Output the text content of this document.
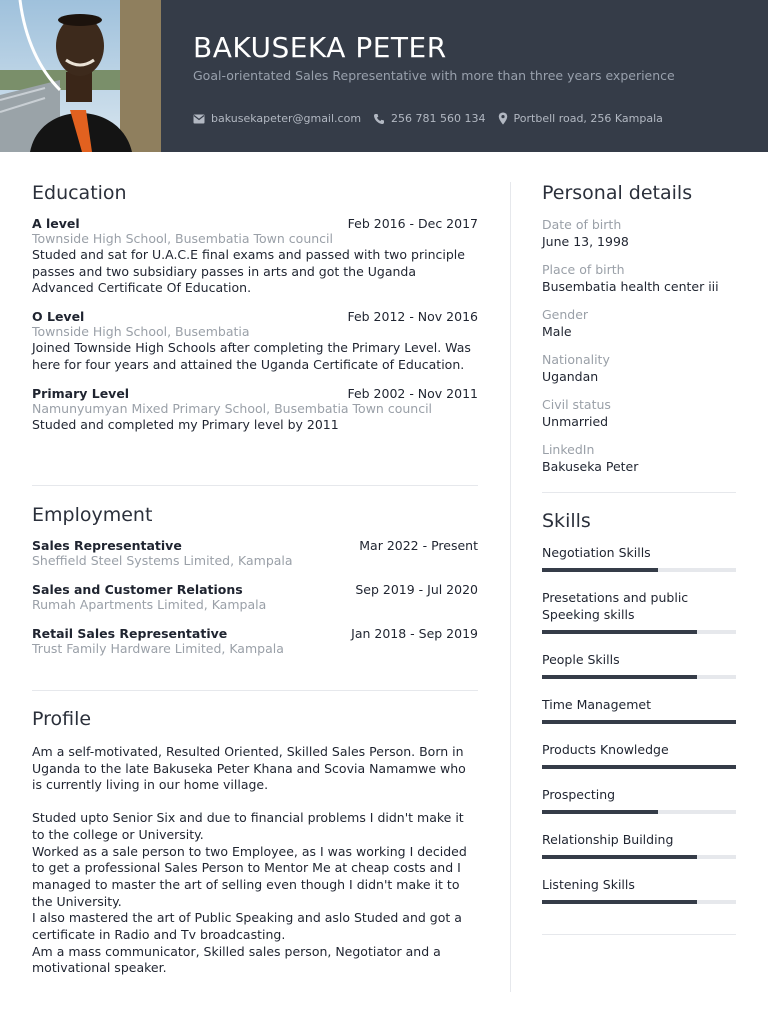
BAKUSEKA PETER
Goal-orientated Sales Representative with more than three years experience
bakusekapeter@gmail.com	256 781 560 134	Portbell road, 256 Kampala
Education
A level	Feb 2016 - Dec 2017
Townside High School, Busembatia Town council
Studed and sat for U.A.C.E final exams and passed with two principle passes and two subsidiary passes in arts and got the Uganda Advanced Certificate Of Education.
O Level	Feb 2012 - Nov 2016
Townside High School, Busembatia
Joined Townside High Schools after completing the Primary Level. Was here for four years and attained the Uganda Certificate of Education.
Primary Level	Feb 2002 - Nov 2011
Namunyumyan Mixed Primary School, Busembatia Town council
Studed and completed my Primary level by 2011
Employment
Sales Representative	Mar 2022 - Present
Sheffield Steel Systems Limited, Kampala
Sales and Customer Relations	Sep 2019 - Jul 2020
Rumah Apartments Limited, Kampala
Retail Sales Representative	Jan 2018 - Sep 2019
Trust Family Hardware Limited, Kampala
Profile
Am a self-motivated, Resulted Oriented, Skilled Sales Person. Born in Uganda to the late Bakuseka Peter Khana and Scovia Namamwe who is currently living in our home village.
Studed upto Senior Six and due to financial problems I didn't make it to the college or University.
Worked as a sale person to two Employee, as I was working I decided to get a professional Sales Person to Mentor Me at cheap costs and I managed to master the art of selling even though I didn't make it to the University.
I also mastered the art of Public Speaking and aslo Studed and got a certificate in Radio and Tv broadcasting.
Am a mass communicator, Skilled sales person, Negotiator and a motivational speaker.
Personal details
Date of birth
June 13, 1998
Place of birth
Busembatia health center iii
Gender
Male
Nationality
Ugandan
Civil status
Unmarried
LinkedIn
Bakuseka Peter
Skills
Negotiation Skills
Presetations and public Speeking skills
People Skills
Time Managemet
Products Knowledge
Prospecting
Relationship Building
Listening Skills
